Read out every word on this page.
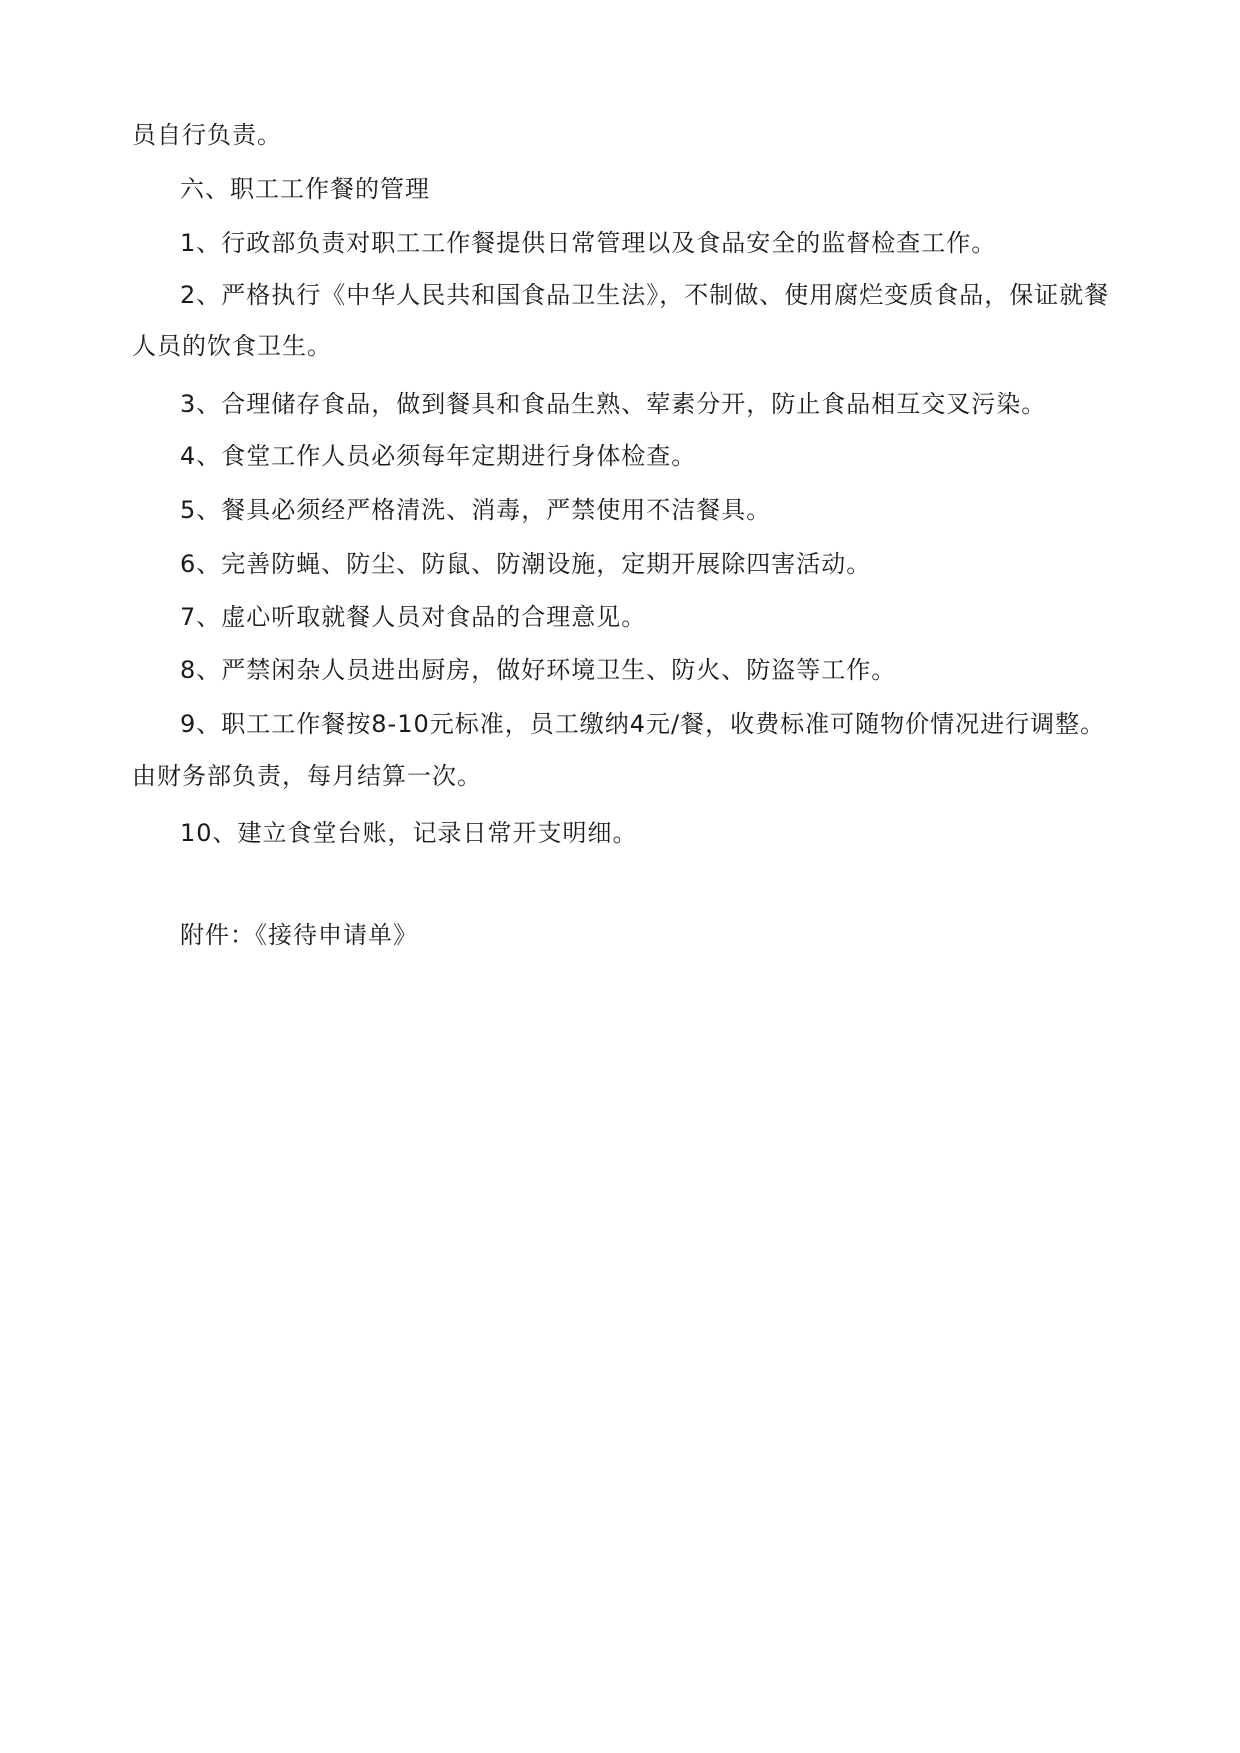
员自行负责。
六、职工工作餐的管理
1、行政部负责对职工工作餐提供日常管理以及食品安全的监督检查工作。
2、严格执行《中华人民共和国食品卫生法》，不制做、使用腐烂变质食品，保证就餐
人员的饮食卫生。
3、合理储存食品，做到餐具和食品生熟、荤素分开，防止食品相互交叉污染。
4、食堂工作人员必须每年定期进行身体检查。
5、餐具必须经严格清洗、消毒，严禁使用不洁餐具。
6、完善防蝇、防尘、防鼠、防潮设施，定期开展除四害活动。
7、虚心听取就餐人员对食品的合理意见。
8、严禁闲杂人员进出厨房，做好环境卫生、防火、防盗等工作。
9、职工工作餐按8-10元标准，员工缴纳4元/餐，收费标准可随物价情况进行调整。
由财务部负责，每月结算一次。
10、建立食堂台账，记录日常开支明细。
附件：《接待申请单》
